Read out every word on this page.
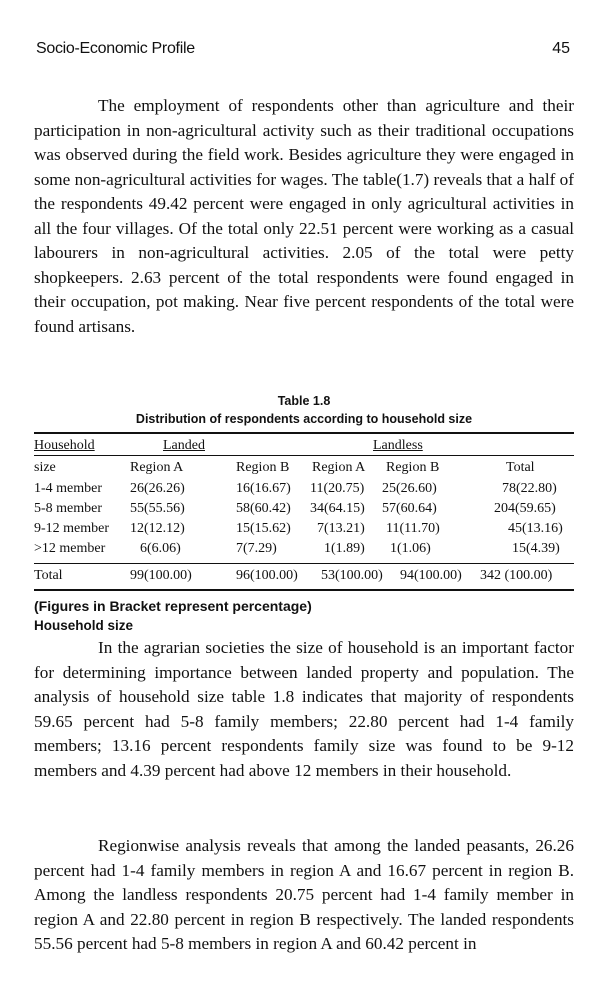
Socio-Economic Profile	45

The employment of respondents other than agriculture and their participation in non-agricultural activity such as their traditional occupations was observed during the field work. Besides agriculture they were engaged in some non-agricultural activities for wages. The table(1.7) reveals that a half of the respondents 49.42 percent were engaged in only agricultural activities in all the four villages. Of the total only 22.51 percent were working as a casual labourers in non-agricultural activities. 2.05 of the total were petty shopkeepers. 2.63 percent of the total respondents were found engaged in their occupation, pot making. Near five percent respondents of the total were found artisans.

Table 1.8
Distribution of respondents according to household size
Household	Landed	Landless
size	Region A	Region B Region A Region B	Total
1-4 member 26(26.26)	16(16.67) 11(20.75) 25(26.60)	78(22.80)
5-8 member 55(55.56)	58(60.42) 34(64.15) 57(60.64)	204(59.65)
9-12 member 12(12.12)	15(15.62) 7(13.21) 11(11.70)	45(13.16)
>12 member 6(6.06)	7(7.29)	1(1.89) 1(1.06)	15(4.39)
Total	99(100.00)	96(100.00) 53(100.00) 94(100.00) 342 (100.00)
(Figures in Bracket represent percentage)
Household size

In the agrarian societies the size of household is an important factor for determining importance between landed property and population. The analysis of household size table 1.8 indicates that majority of respondents 59.65 percent had 5-8 family members; 22.80 percent had 1-4 family members; 13.16 percent respondents family size was found to be 9-12 members and 4.39 percent had above 12 members in their household.

Regionwise analysis reveals that among the landed peasants, 26.26 percent had 1-4 family members in region A and 16.67 percent in region B. Among the landless respondents 20.75 percent had 1-4 family member in region A and 22.80 percent in region B respectively. The landed respondents 55.56 percent had 5-8 members in region A and 60.42 percent in
